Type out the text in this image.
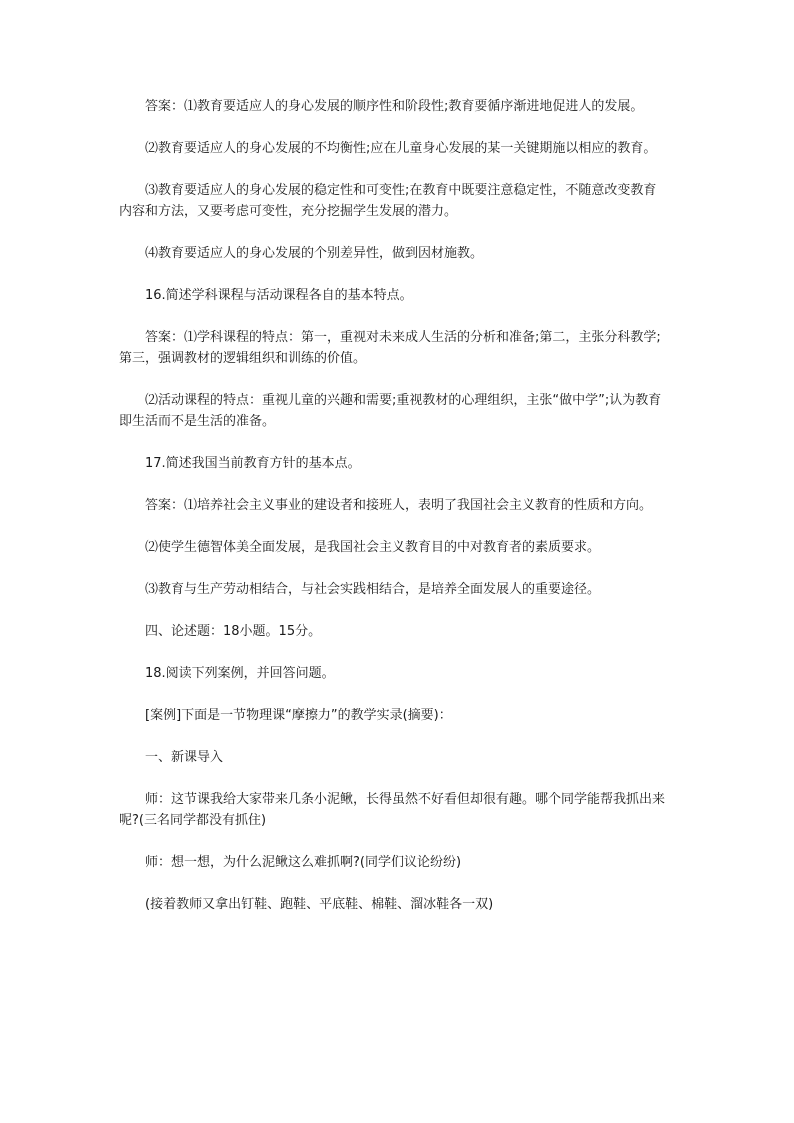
答案：⑴教育要适应人的身心发展的顺序性和阶段性;教育要循序渐进地促进人的发展。

⑵教育要适应人的身心发展的不均衡性;应在儿童身心发展的某一关键期施以相应的教育。

⑶教育要适应人的身心发展的稳定性和可变性;在教育中既要注意稳定性，不随意改变教育内容和方法，又要考虑可变性，充分挖掘学生发展的潜力。

⑷教育要适应人的身心发展的个别差异性，做到因材施教。

16.简述学科课程与活动课程各自的基本特点。

答案：⑴学科课程的特点：第一，重视对未来成人生活的分析和准备;第二，主张分科教学;第三，强调教材的逻辑组织和训练的价值。

⑵活动课程的特点：重视儿童的兴趣和需要;重视教材的心理组织，主张“做中学”;认为教育即生活而不是生活的准备。

17.简述我国当前教育方针的基本点。

答案：⑴培养社会主义事业的建设者和接班人，表明了我国社会主义教育的性质和方向。

⑵使学生德智体美全面发展，是我国社会主义教育目的中对教育者的素质要求。

⑶教育与生产劳动相结合，与社会实践相结合，是培养全面发展人的重要途径。

四、论述题：18小题。15分。

18.阅读下列案例，并回答问题。

[案例]下面是一节物理课“摩擦力”的教学实录(摘要)：

一、新课导入

师：这节课我给大家带来几条小泥鳅，长得虽然不好看但却很有趣。哪个同学能帮我抓出来呢?(三名同学都没有抓住)

师：想一想，为什么泥鳅这么难抓啊?(同学们议论纷纷)

(接着教师又拿出钉鞋、跑鞋、平底鞋、棉鞋、溜冰鞋各一双)
